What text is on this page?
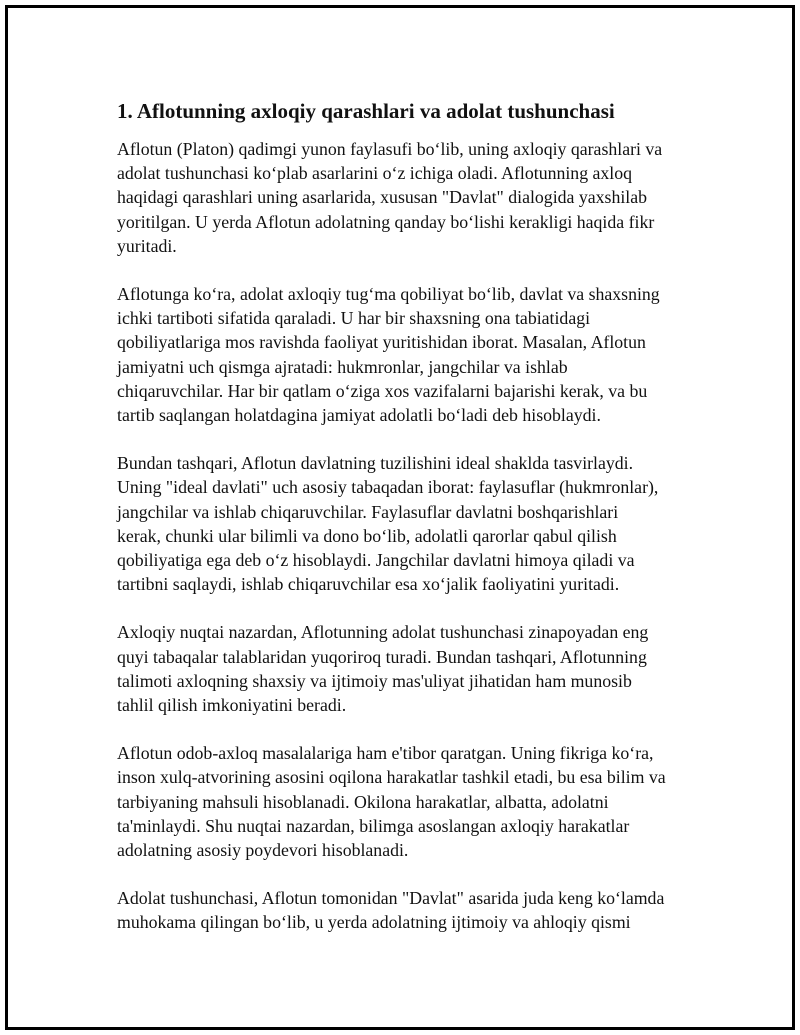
1. Aflotunning axloqiy qarashlari va adolat tushunchasi

Aflotun (Platon) qadimgi yunon faylasufi bo‘lib, uning axloqiy qarashlari va
adolat tushunchasi ko‘plab asarlarini o‘z ichiga oladi. Aflotunning axloq
haqidagi qarashlari uning asarlarida, xususan "Davlat" dialogida yaxshilab
yoritilgan. U yerda Aflotun adolatning qanday bo‘lishi kerakligi haqida fikr
yuritadi.

Aflotunga ko‘ra, adolat axloqiy tug‘ma qobiliyat bo‘lib, davlat va shaxsning
ichki tartiboti sifatida qaraladi. U har bir shaxsning ona tabiatidagi
qobiliyatlariga mos ravishda faoliyat yuritishidan iborat. Masalan, Aflotun
jamiyatni uch qismga ajratadi: hukmronlar, jangchilar va ishlab
chiqaruvchilar. Har bir qatlam o‘ziga xos vazifalarni bajarishi kerak, va bu
tartib saqlangan holatdagina jamiyat adolatli bo‘ladi deb hisoblaydi.

Bundan tashqari, Aflotun davlatning tuzilishini ideal shaklda tasvirlaydi.
Uning "ideal davlati" uch asosiy tabaqadan iborat: faylasuflar (hukmronlar),
jangchilar va ishlab chiqaruvchilar. Faylasuflar davlatni boshqarishlari
kerak, chunki ular bilimli va dono bo‘lib, adolatli qarorlar qabul qilish
qobiliyatiga ega deb o‘z hisoblaydi. Jangchilar davlatni himoya qiladi va
tartibni saqlaydi, ishlab chiqaruvchilar esa xo‘jalik faoliyatini yuritadi.

Axloqiy nuqtai nazardan, Aflotunning adolat tushunchasi zinapoyadan eng
quyi tabaqalar talablaridan yuqoriroq turadi. Bundan tashqari, Aflotunning
talimoti axloqning shaxsiy va ijtimoiy mas'uliyat jihatidan ham munosib
tahlil qilish imkoniyatini beradi.

Aflotun odob-axloq masalalariga ham e'tibor qaratgan. Uning fikriga ko‘ra,
inson xulq-atvorining asosini oqilona harakatlar tashkil etadi, bu esa bilim va
tarbiyaning mahsuli hisoblanadi. Okilona harakatlar, albatta, adolatni
ta'minlaydi. Shu nuqtai nazardan, bilimga asoslangan axloqiy harakatlar
adolatning asosiy poydevori hisoblanadi.

Adolat tushunchasi, Aflotun tomonidan "Davlat" asarida juda keng ko‘lamda
muhokama qilingan bo‘lib, u yerda adolatning ijtimoiy va ahloqiy qismi
